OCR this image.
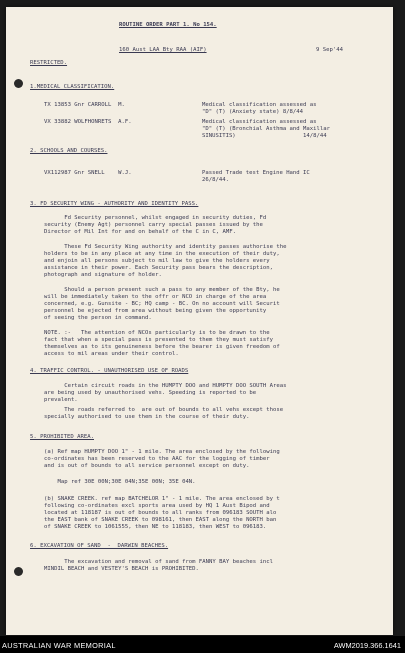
ROUTINE ORDER PART 1. No 154.
160 Aust LAA Bty RAA (AIF)	9 Sep'44
RESTRICTED.
1.MEDICAL CLASSIFICATION.
TX 13853 Gnr CARROLL  M.	Medical classification assessed as
"D" (T) (Anxiety state) 8/8/44
VX 33882 WOLFHONRETS  A.F.	Medical classification assessed as
"D" (T) (Bronchial Asthma and Maxillar
SINUSITIS)                    14/8/44
2. SCHOOLS AND COURSES.
VX112987 Gnr SNELL    W.J.	Passed Trade test Engine Hand IC
26/8/44.
3. FD SECURITY WING - AUTHORITY AND IDENTITY PASS.
Fd Security personnel, whilst engaged in security duties, Fd
security (Enemy Agt) personnel carry special passes issued by the
Director of Mil Int for and on behalf of the C in C, AMF.
These Fd Security Wing authority and identity passes authorise the
holders to be in any place at any time in the execution of their duty,
and enjoin all persons subject to mil law to give the holders every
assistance in their power. Each Security pass bears the description,
photograph and signature of holder.
Should a person present such a pass to any member of the Bty, he
will be immediately taken to the offr or NCO in charge of the area
concerned, e.g. Gunsite - BC; HQ camp - BC. On no account will Securit
personnel be ejected from area without being given the opportunity
of seeing the person in command.
NOTE. :-   The attention of NCOs particularly is to be drawn to the
fact that when a special pass is presented to them they must satisfy
themselves as to its genuineness before the bearer is given freedom of
access to mil areas under their control.
4. TRAFFIC CONTROL. - UNAUTHORISED USE OF ROADS
Certain circuit roads in the HUMPTY DOO and HUMPTY DOO SOUTH Areas
are being used by unauthorised vehs. Speeding is reported to be
prevalent.
The roads referred to  are out of bounds to all vehs except those
specially authorised to use them in the course of their duty.
5. PROHIBITED AREA.
(a) Ref map HUMPTY DOO 1" - 1 mile. The area enclosed by the following
co-ordinates has been reserved to the AAC for the logging of timber
and is out of bounds to all service personnel except on duty.
Map ref 30E 00N;30E 04N;35E 00N; 35E 04N.
(b) SNAKE CREEK. ref map BATCHELOR 1" - 1 mile. The area enclosed by t
following co-ordinates excl sports area used by HQ 1 Aust Bipod and
located at 118187 is out of bounds to all ranks from 096183 SOUTH alo
the EAST bank of SNAKE CREEK to 098161, then EAST along the NORTH ban
of SNAKE CREEK to 1061555, then NE to 118183, then WEST to 096183.
6. EXCAVATION OF SAND  -  DARWIN BEACHES.
The excavation and removal of sand from FANNY BAY beaches incl
MINDIL BEACH and VESTEY'S BEACH is PROHIBITED.
AUSTRALIAN WAR MEMORIAL	AWM2019.366.1641
